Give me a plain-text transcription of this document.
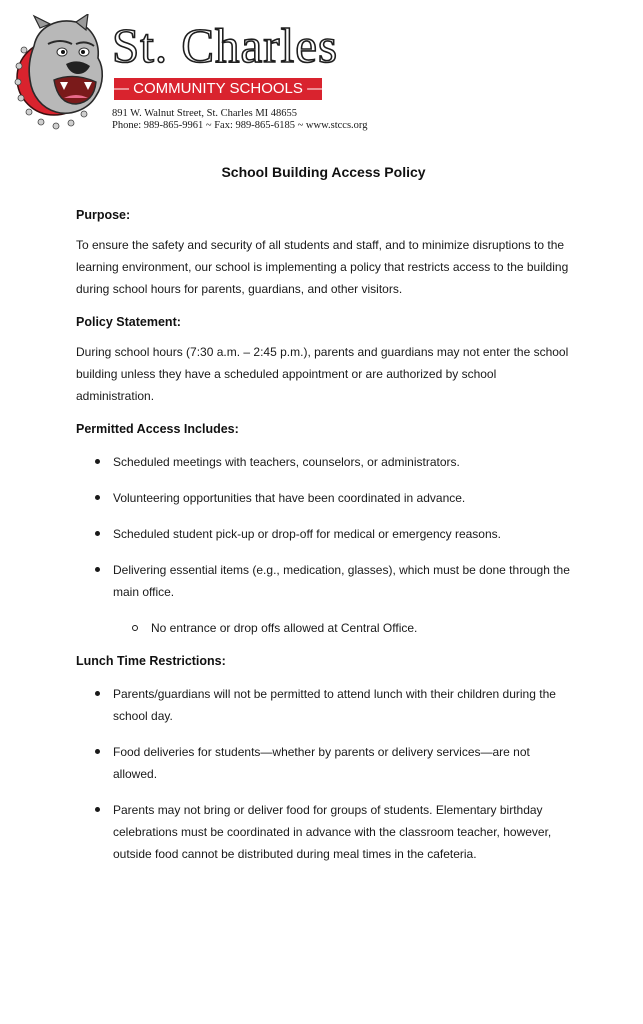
St. Charles
— COMMUNITY SCHOOLS —
891 W. Walnut Street, St. Charles MI 48655
Phone: 989-865-9961 ~ Fax: 989-865-6185 ~ www.stccs.org
School Building Access Policy

Purpose:

To ensure the safety and security of all students and staff, and to minimize disruptions to the learning environment, our school is implementing a policy that restricts access to the building during school hours for parents, guardians, and other visitors.

Policy Statement:

During school hours (7:30 a.m. – 2:45 p.m.), parents and guardians may not enter the school building unless they have a scheduled appointment or are authorized by school administration.

Permitted Access Includes:

Scheduled meetings with teachers, counselors, or administrators.
Volunteering opportunities that have been coordinated in advance.
Scheduled student pick-up or drop-off for medical or emergency reasons.
Delivering essential items (e.g., medication, glasses), which must be done through the main office.
No entrance or drop offs allowed at Central Office.

Lunch Time Restrictions:

Parents/guardians will not be permitted to attend lunch with their children during the school day.
Food deliveries for students—whether by parents or delivery services—are not allowed.
Parents may not bring or deliver food for groups of students. Elementary birthday celebrations must be coordinated in advance with the classroom teacher, however, outside food cannot be distributed during meal times in the cafeteria.
